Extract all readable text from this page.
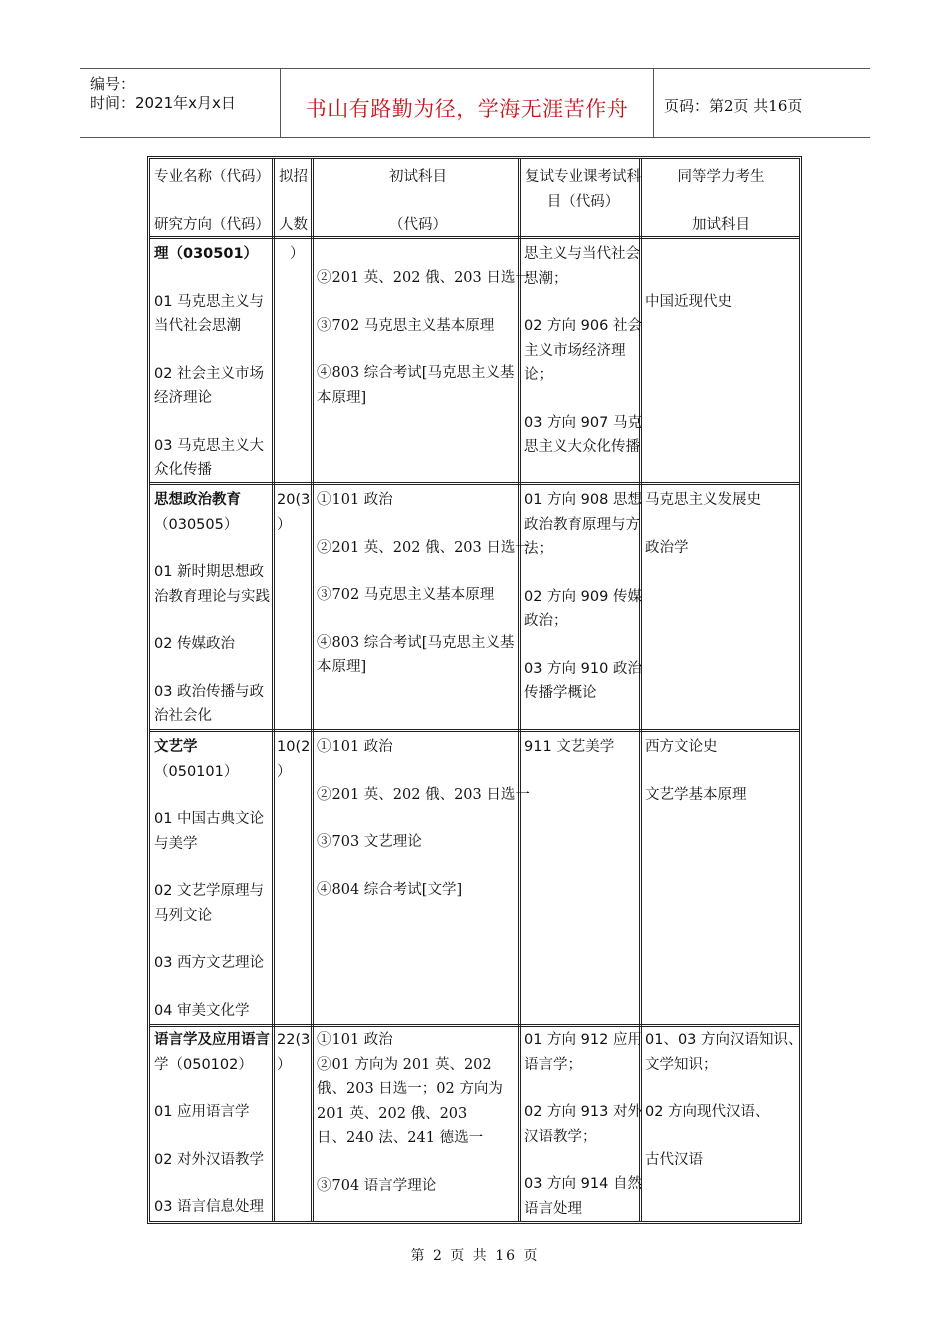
编号：
时间：2021年x月x日	书山有路勤为径，学海无涯苦作舟	页码：第2页 共16页
专业名称（代码）
研究方向（代码）
拟招
人数
初试科目
（代码）
复试专业课考试科
目（代码）
同等学力考生
加试科目
理（030501）
01 马克思主义与
当代社会思潮
02 社会主义市场
经济理论
03 马克思主义大
众化传播
）
②201 英、202 俄、203 日选一
③702 马克思主义基本原理
④803 综合考试[马克思主义基
本原理]
思主义与当代社会
思潮；
02 方向 906 社会
主义市场经济理
论；
03 方向 907 马克
思主义大众化传播
中国近现代史
思想政治教育
（030505）
01 新时期思想政
治教育理论与实践
02 传媒政治
03 政治传播与政
治社会化
20(3
）
①101 政治
②201 英、202 俄、203 日选一
③702 马克思主义基本原理
④803 综合考试[马克思主义基
本原理]
01 方向 908 思想
政治教育原理与方
法；
02 方向 909 传媒
政治；
03 方向 910 政治
传播学概论
马克思主义发展史
政治学
文艺学
（050101）
01 中国古典文论
与美学
02 文艺学原理与
马列文论
03 西方文艺理论
04 审美文化学
10(2
）
①101 政治
②201 英、202 俄、203 日选一
③703 文艺理论
④804 综合考试[文学]
911 文艺美学 西方文论史
文艺学基本原理
语言学及应用语言
学（050102）
01 应用语言学
02 对外汉语教学
03 语言信息处理
22(3
）
①101 政治
②01 方向为 201 英、202
俄、203 日选一；02 方向为
201 英、202 俄、203
日、240 法、241 德选一
③704 语言学理论
01 方向 912 应用
语言学；
02 方向 913 对外
汉语教学；
03 方向 914 自然
语言处理
01、03 方向汉语知识、
文学知识；
02 方向现代汉语、
古代汉语
第 2 页 共 16 页
